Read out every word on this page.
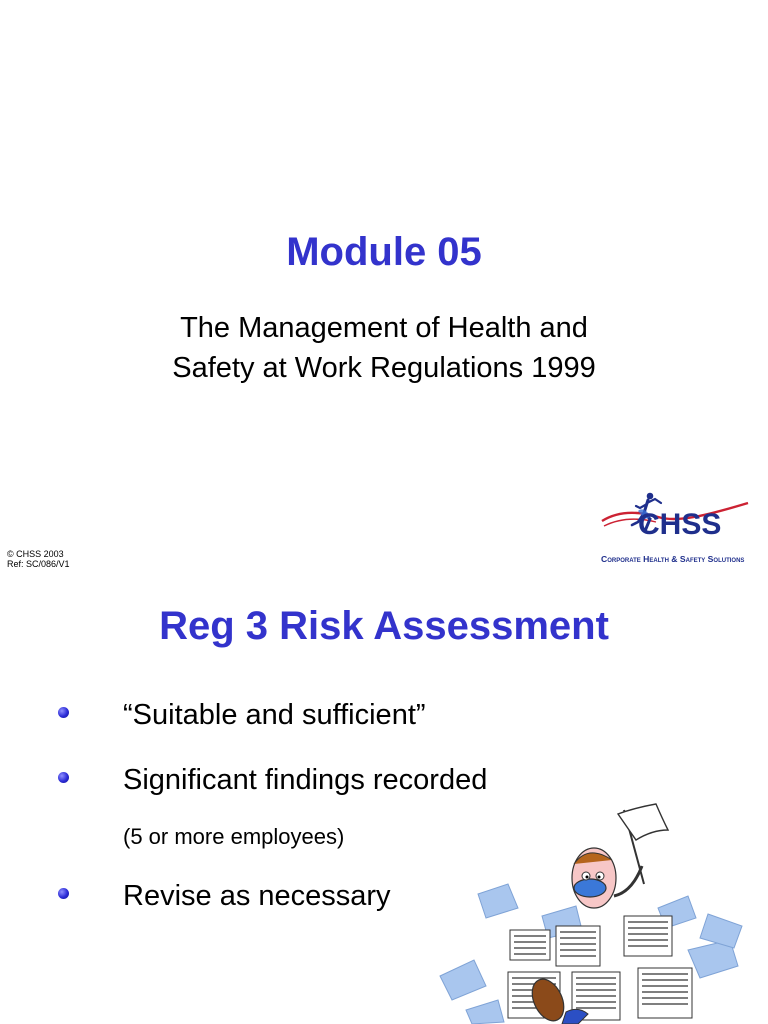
Module 05
The Management of Health and
Safety at Work Regulations 1999
© CHSS 2003
Ref: SC/086/V1
CHSS
Corporate Health & Safety Solutions
Reg 3 Risk Assessment
“Suitable and sufficient”
Significant findings recorded
(5 or more employees)
Revise as necessary
